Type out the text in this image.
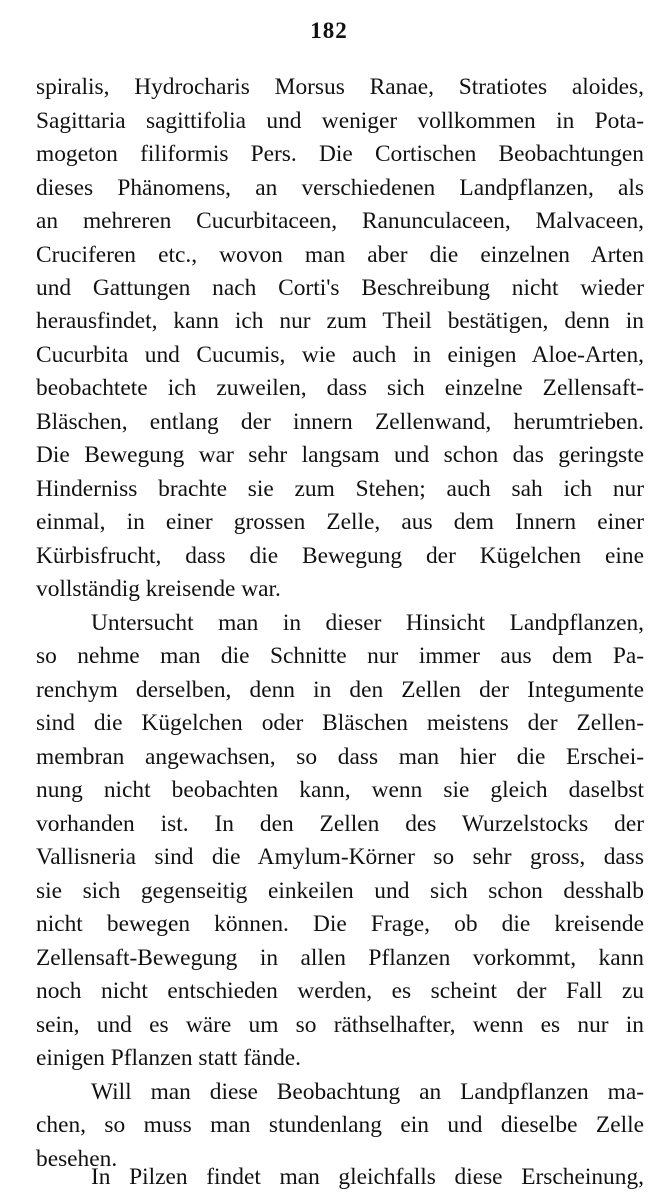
182
spiralis, Hydrocharis Morsus Ranae, Stratiotes aloides,
Sagittaria sagittifolia und weniger vollkommen in Pota-
mogeton filiformis Pers. Die Cortischen Beobachtungen
dieses Phänomens, an verschiedenen Landpflanzen, als
an mehreren Cucurbitaceen, Ranunculaceen, Malvaceen,
Cruciferen etc., wovon man aber die einzelnen Arten
und Gattungen nach Corti's Beschreibung nicht wieder
herausfindet, kann ich nur zum Theil bestätigen, denn in
Cucurbita und Cucumis, wie auch in einigen Aloe-Arten,
beobachtete ich zuweilen, dass sich einzelne Zellensaft-
Bläschen, entlang der innern Zellenwand, herumtrieben.
Die Bewegung war sehr langsam und schon das geringste
Hinderniss brachte sie zum Stehen; auch sah ich nur
einmal, in einer grossen Zelle, aus dem Innern einer
Kürbisfrucht, dass die Bewegung der Kügelchen eine
vollständig kreisende war.
Untersucht man in dieser Hinsicht Landpflanzen,
so nehme man die Schnitte nur immer aus dem Pa-
renchym derselben, denn in den Zellen der Integumente
sind die Kügelchen oder Bläschen meistens der Zellen-
membran angewachsen, so dass man hier die Erschei-
nung nicht beobachten kann, wenn sie gleich daselbst
vorhanden ist. In den Zellen des Wurzelstocks der
Vallisneria sind die Amylum-Körner so sehr gross, dass
sie sich gegenseitig einkeilen und sich schon desshalb
nicht bewegen können. Die Frage, ob die kreisende
Zellensaft-Bewegung in allen Pflanzen vorkommt, kann
noch nicht entschieden werden, es scheint der Fall zu
sein, und es wäre um so räthselhafter, wenn es nur in
einigen Pflanzen statt fände.
Will man diese Beobachtung an Landpflanzen ma-
chen, so muss man stundenlang ein und dieselbe Zelle
besehen.
In Pilzen findet man gleichfalls diese Erscheinung,
